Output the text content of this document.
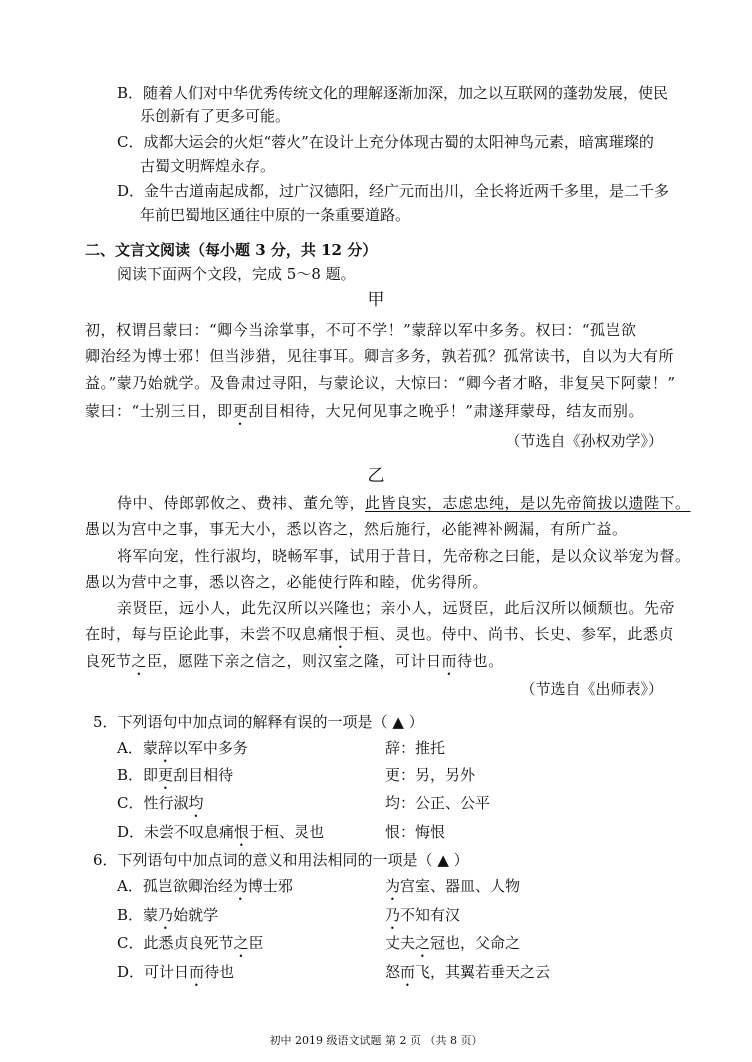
B．随着人们对中华优秀传统文化的理解逐渐加深，加之以互联网的蓬勃发展，使民
乐创新有了更多可能。
C．成都大运会的火炬“蓉火”在设计上充分体现古蜀的太阳神鸟元素，暗寓璀璨的
古蜀文明辉煌永存。
D．金牛古道南起成都，过广汉德阳，经广元而出川，全长将近两千多里，是二千多
年前巴蜀地区通往中原的一条重要道路。
二、文言文阅读（每小题 3 分，共 12 分）
阅读下面两个文段，完成 5～8 题。
甲
初，权谓吕蒙曰：“卿今当涂掌事，不可不学！”蒙辞以军中多务。权曰：“孤岂欲
卿治经为博士邪！但当涉猎，见往事耳。卿言多务，孰若孤？孤常读书，自以为大有所
益。”蒙乃始就学。及鲁肃过寻阳，与蒙论议，大惊曰：“卿今者才略，非复吴下阿蒙！”
蒙曰：“士别三日，即更刮目相待，大兄何见事之晚乎！”肃遂拜蒙母，结友而别。
（节选自《孙权劝学》）
乙
侍中、侍郎郭攸之、费祎、董允等，此皆良实，志虑忠纯，是以先帝简拔以遗陛下。
愚以为宫中之事，事无大小，悉以咨之，然后施行，必能裨补阙漏，有所广益。
将军向宠，性行淑均，晓畅军事，试用于昔日，先帝称之曰能，是以众议举宠为督。
愚以为营中之事，悉以咨之，必能使行阵和睦，优劣得所。
亲贤臣，远小人，此先汉所以兴隆也；亲小人，远贤臣，此后汉所以倾颓也。先帝
在时，每与臣论此事，未尝不叹息痛恨于桓、灵也。侍中、尚书、长史、参军，此悉贞
良死节之臣，愿陛下亲之信之，则汉室之隆，可计日而待也。
（节选自《出师表》）
5．下列语句中加点词的解释有误的一项是（ ▲ ）
A．蒙辞以军中多务	辞：推托
B．即更刮目相待	更：另，另外
C．性行淑均	均：公正、公平
D．未尝不叹息痛恨于桓、灵也	恨：悔恨
6．下列语句中加点词的意义和用法相同的一项是（ ▲ ）
A．孤岂欲卿治经为博士邪	为宫室、器皿、人物
B．蒙乃始就学	乃不知有汉
C．此悉贞良死节之臣	丈夫之冠也，父命之
D．可计日而待也	怒而飞，其翼若垂天之云
初中 2019 级语文试题 第 2 页 （共 8 页）
